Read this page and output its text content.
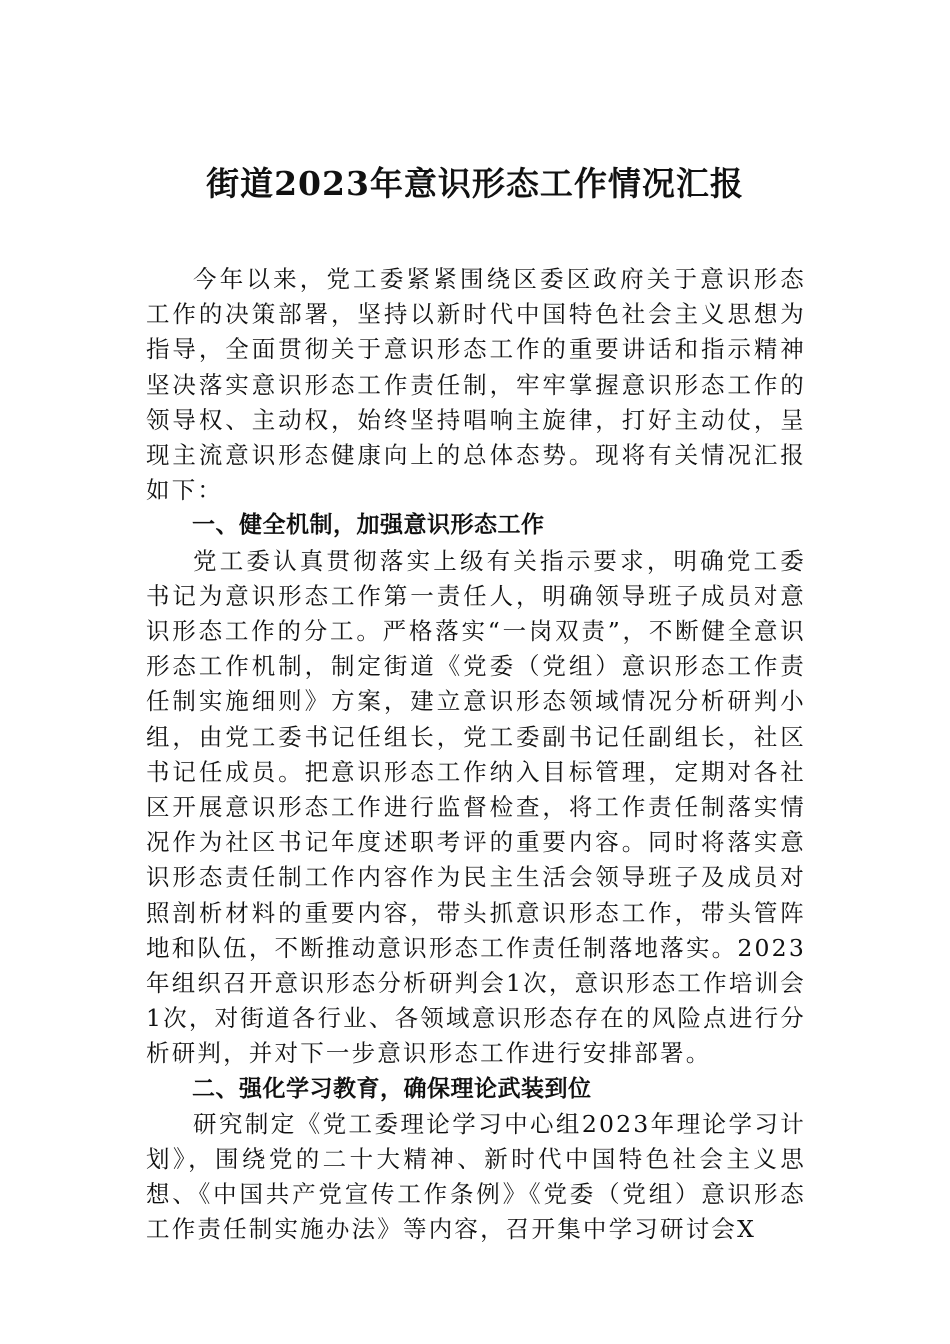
街道2023年意识形态工作情况汇报

今年以来，党工委紧紧围绕区委区政府关于意识形态工作的决策部署，坚持以新时代中国特色社会主义思想为指导，全面贯彻关于意识形态工作的重要讲话和指示精神坚决落实意识形态工作责任制，牢牢掌握意识形态工作的领导权、主动权，始终坚持唱响主旋律，打好主动仗，呈现主流意识形态健康向上的总体态势。现将有关情况汇报如下：

一、健全机制，加强意识形态工作

党工委认真贯彻落实上级有关指示要求，明确党工委书记为意识形态工作第一责任人，明确领导班子成员对意识形态工作的分工。严格落实“一岗双责”，不断健全意识形态工作机制，制定街道《党委（党组）意识形态工作责任制实施细则》方案，建立意识形态领域情况分析研判小组，由党工委书记任组长，党工委副书记任副组长，社区书记任成员。把意识形态工作纳入目标管理，定期对各社区开展意识形态工作进行监督检查，将工作责任制落实情况作为社区书记年度述职考评的重要内容。同时将落实意识形态责任制工作内容作为民主生活会领导班子及成员对照剖析材料的重要内容，带头抓意识形态工作，带头管阵地和队伍，不断推动意识形态工作责任制落地落实。2023年组织召开意识形态分析研判会1次，意识形态工作培训会1次，对街道各行业、各领域意识形态存在的风险点进行分析研判，并对下一步意识形态工作进行安排部署。

二、强化学习教育，确保理论武装到位

研究制定《党工委理论学习中心组2023年理论学习计划》，围绕党的二十大精神、新时代中国特色社会主义思想、《中国共产党宣传工作条例》《党委（党组）意识形态工作责任制实施办法》等内容，召开集中学习研讨会X
